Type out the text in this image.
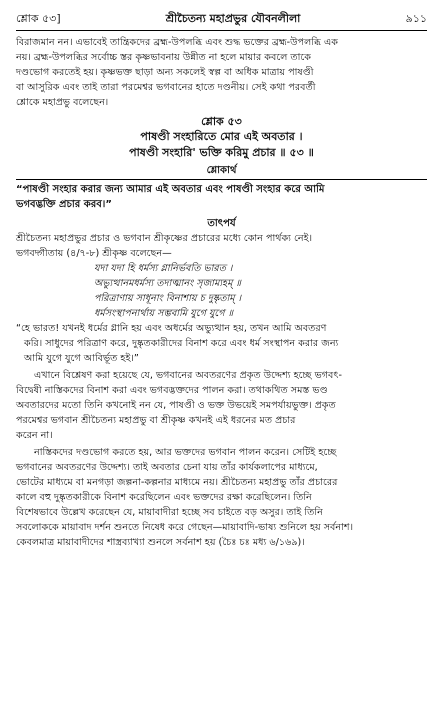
শ্লোক ৫৩]	শ্রীচৈতন্য মহাপ্রভুর যৌবনলীলা	৯১১

বিরাজমান নন। এভাবেই তান্ত্রিকদের ব্রহ্ম-উপলব্ধি এবং শুদ্ধ ভক্তের ব্রহ্ম-উপলব্ধি এক

নয়। ব্রহ্ম-উপলব্ধির সর্বোচ্চ স্তর কৃষ্ণভাবনায় উন্নীত না হলে মায়ার কবলে তাকে

দণ্ডভোগ করতেই হয়। কৃষ্ণভক্ত ছাড়া অন্য সকলেই স্বল্প বা অধিক মাত্রায় পাষণ্ডী

বা আসুরিক এবং তাই তারা পরমেশ্বর ভগবানের হাতে দণ্ডনীয়। সেই কথা পরবর্তী

শ্লোকে মহাপ্রভু বলেছেন।

শ্লোক ৫৩
পাষণ্ডী সংহারিতে মোর এই অবতার ।
পাষণ্ডী সংহারি' ভক্তি করিমু প্রচার ॥ ৫৩ ॥
শ্লোকার্থ

“পাষণ্ডী সংহার করার জন্য আমার এই অবতার এবং পাষণ্ডী সংহার করে আমি

ভগবদ্ভক্তি প্রচার করব।”

তাৎপর্য

শ্রীচৈতন্য মহাপ্রভুর প্রচার ও ভগবান শ্রীকৃষ্ণের প্রচারের মধ্যে কোন পার্থক্য নেই।

ভগবদ্গীতায় (৪/৭-৮) শ্রীকৃষ্ণ বলেছেন—

যদা যদা হি ধর্মস্য গ্লানির্ভবতি ভারত ।

অভ্যুত্থানমধর্মস্য তদাত্মানং সৃজাম্যহম্ ॥

পরিত্রাণায় সাধূনাং বিনাশায় চ দুষ্কৃতাম্ ।

ধর্মসংস্থাপনার্থায় সম্ভবামি যুগে যুগে ॥

“হে ভারত! যখনই ধর্মের গ্লানি হয় এবং অধর্মের অভ্যুত্থান হয়, তখন আমি অবতরণ

করি। সাধুদের পরিত্রাণ করে, দুষ্কৃতকারীদের বিনাশ করে এবং ধর্ম সংস্থাপন করার জন্য

আমি যুগে যুগে আবির্ভূত হই।”

এখানে বিশ্লেষণ করা হয়েছে যে, ভগবানের অবতরণের প্রকৃত উদ্দেশ্য হচ্ছে ভগবৎ-

বিদ্বেষী নাস্তিকদের বিনাশ করা এবং ভগবদ্ভক্তদের পালন করা। তথাকথিত সমস্ত ভণ্ড

অবতারদের মতো তিনি কখনোই নন যে, পাষণ্ডী ও ভক্ত উভয়েই সমপর্যায়ভুক্ত। প্রকৃত

পরমেশ্বর ভগবান শ্রীচৈতন্য মহাপ্রভু বা শ্রীকৃষ্ণ কখনই এই ধরনের মত প্রচার

করেন না।

নাস্তিকদের দণ্ডভোগ করতে হয়, আর ভক্তদের ভগবান পালন করেন। সেটিই হচ্ছে

ভগবানের অবতরণের উদ্দেশ্য। তাই অবতার চেনা যায় তাঁর কার্যকলাপের মাধ্যমে,

ভোটের মাধ্যমে বা মনগড়া জল্পনা-কল্পনার মাধ্যমে নয়। শ্রীচৈতন্য মহাপ্রভু তাঁর প্রচারের

কালে বহু দুষ্কৃতকারীকে বিনাশ করেছিলেন এবং ভক্তদের রক্ষা করেছিলেন। তিনি

বিশেষভাবে উল্লেখ করেছেন যে, মায়াবাদীরা হচ্ছে সব চাইতে বড় অসুর। তাই তিনি

সবলোককে মায়াবাদ দর্শন শুনতে নিষেধ করে গেছেন—মায়াবাদি-ভাষ্য শুনিলে হয় সর্বনাশ।

কেবলমাত্র মায়াবাদীদের শাস্ত্রব্যাখ্যা শুনলে সর্বনাশ হয় (চৈঃ চঃ মধ্য ৬/১৬৯)।
